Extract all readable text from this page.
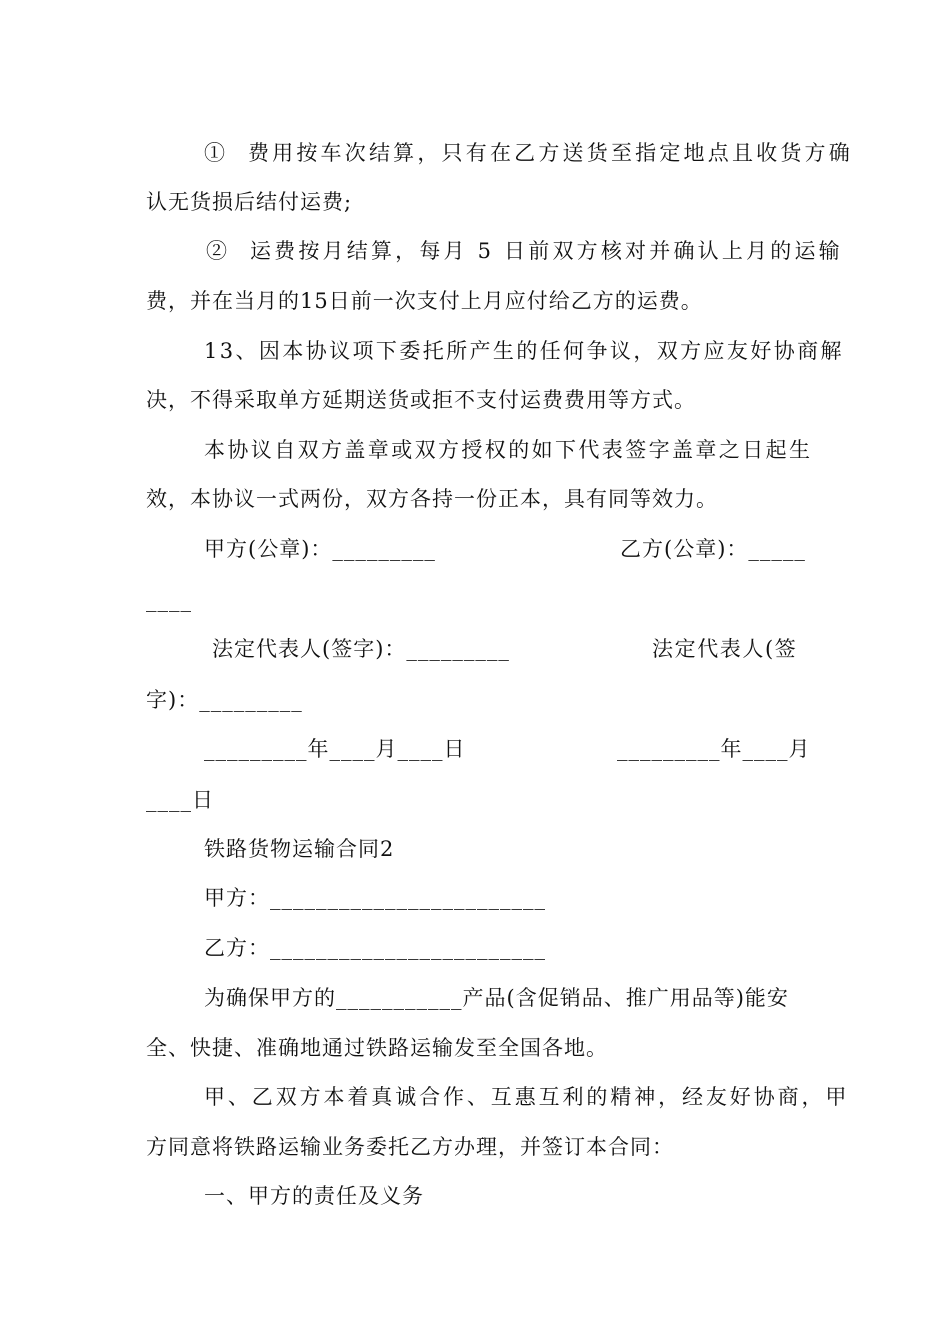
①  费用按车次结算，只有在乙方送货至指定地点且收货方确
认无货损后结付运费;
②  运费按月结算，每月 5 日前双方核对并确认上月的运输
费，并在当月的15日前一次支付上月应付给乙方的运费。
13、因本协议项下委托所产生的任何争议，双方应友好协商解
决，不得采取单方延期送货或拒不支付运费费用等方式。
本协议自双方盖章或双方授权的如下代表签字盖章之日起生
效，本协议一式两份，双方各持一份正本，具有同等效力。
甲方(公章)：_________	乙方(公章)：_____
____
法定代表人(签字)：_________	法定代表人(签
字)：_________
_________年____月____日	_________年____月
____日
铁路货物运输合同2
甲方：________________________
乙方：________________________
为确保甲方的___________产品(含促销品、推广用品等)能安
全、快捷、准确地通过铁路运输发至全国各地。
甲、乙双方本着真诚合作、互惠互利的精神，经友好协商，甲
方同意将铁路运输业务委托乙方办理，并签订本合同：
一、甲方的责任及义务
